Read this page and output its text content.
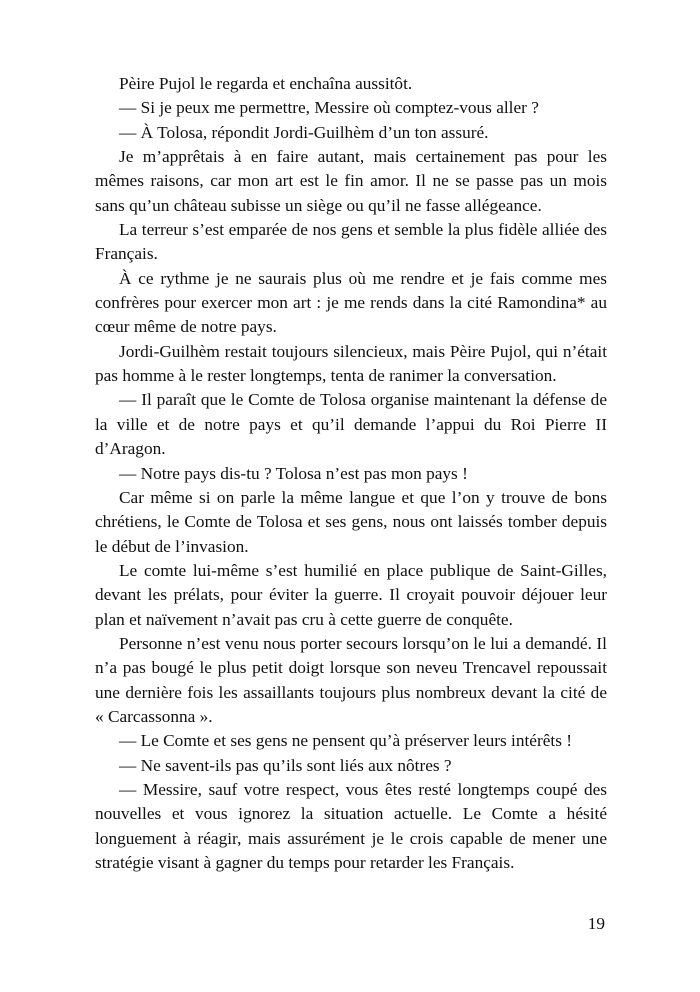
Pèire Pujol le regarda et enchaîna aussitôt.

— Si je peux me permettre, Messire où comptez-vous aller ?

— À Tolosa, répondit Jordi-Guilhèm d’un ton assuré.

Je m’apprêtais à en faire autant, mais certainement pas pour les mêmes raisons, car mon art est le fin amor. Il ne se passe pas un mois sans qu’un château subisse un siège ou qu’il ne fasse allégeance.

La terreur s’est emparée de nos gens et semble la plus fidèle alliée des Français.

À ce rythme je ne saurais plus où me rendre et je fais comme mes confrères pour exercer mon art : je me rends dans la cité Ramondina* au cœur même de notre pays.

Jordi-Guilhèm restait toujours silencieux, mais Pèire Pujol, qui n’était pas homme à le rester longtemps, tenta de ranimer la conversation.

— Il paraît que le Comte de Tolosa organise maintenant la défense de la ville et de notre pays et qu’il demande l’appui du Roi Pierre II d’Aragon.

— Notre pays dis-tu ? Tolosa n’est pas mon pays !

Car même si on parle la même langue et que l’on y trouve de bons chrétiens, le Comte de Tolosa et ses gens, nous ont laissés tomber depuis le début de l’invasion.

Le comte lui-même s’est humilié en place publique de Saint-Gilles, devant les prélats, pour éviter la guerre. Il croyait pouvoir déjouer leur plan et naïvement n’avait pas cru à cette guerre de conquête.

Personne n’est venu nous porter secours lorsqu’on le lui a demandé. Il n’a pas bougé le plus petit doigt lorsque son neveu Trencavel repoussait une dernière fois les assaillants toujours plus nombreux devant la cité de « Carcassonna ».

— Le Comte et ses gens ne pensent qu’à préserver leurs intérêts !

— Ne savent-ils pas qu’ils sont liés aux nôtres ?

— Messire, sauf votre respect, vous êtes resté longtemps coupé des nouvelles et vous ignorez la situation actuelle. Le Comte a hésité longuement à réagir, mais assurément je le crois capable de mener une stratégie visant à gagner du temps pour retarder les Français.

19
